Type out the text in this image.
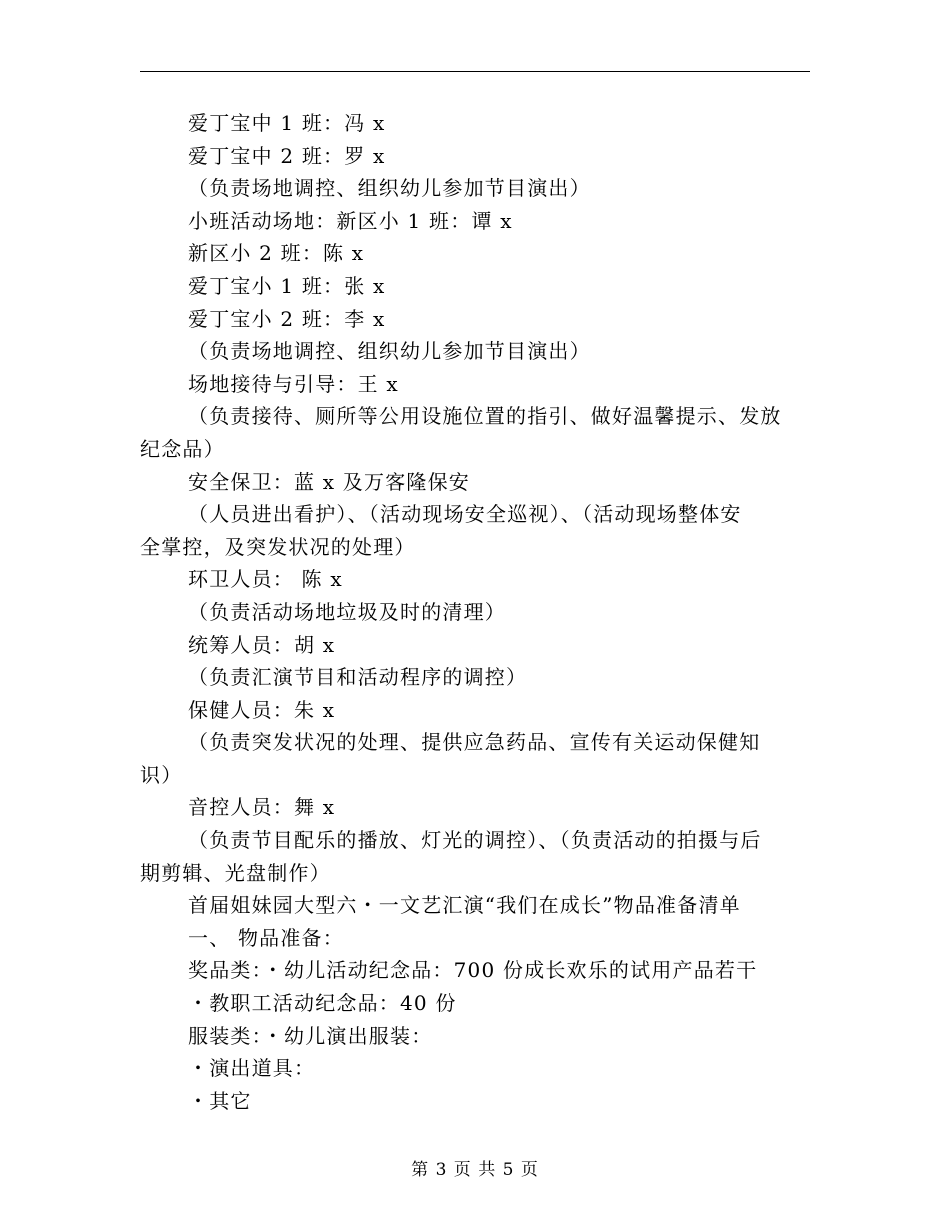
爱丁宝中 1 班：冯 x
爱丁宝中 2 班：罗 x
（负责场地调控、组织幼儿参加节目演出）
小班活动场地：新区小 1 班：谭 x
新区小 2 班：陈 x
爱丁宝小 1 班：张 x
爱丁宝小 2 班：李 x
（负责场地调控、组织幼儿参加节目演出）
场地接待与引导：王 x
（负责接待、厕所等公用设施位置的指引、做好温馨提示、发放
纪念品）
安全保卫：蓝 x 及万客隆保安
（人员进出看护）、（活动现场安全巡视）、（活动现场整体安
全掌控，及突发状况的处理）
环卫人员： 陈 x
（负责活动场地垃圾及时的清理）
统筹人员：胡 x
（负责汇演节目和活动程序的调控）
保健人员：朱 x
（负责突发状况的处理、提供应急药品、宣传有关运动保健知
识）
音控人员：舞 x
（负责节目配乐的播放、灯光的调控）、（负责活动的拍摄与后
期剪辑、光盘制作）
首届姐妹园大型六・一文艺汇演“我们在成长”物品准备清单
一、 物品准备：
奖品类：・幼儿活动纪念品：700 份成长欢乐的试用产品若干
・教职工活动纪念品：40 份
服装类：・幼儿演出服装：
・演出道具：
・其它
第 3 页 共 5 页
